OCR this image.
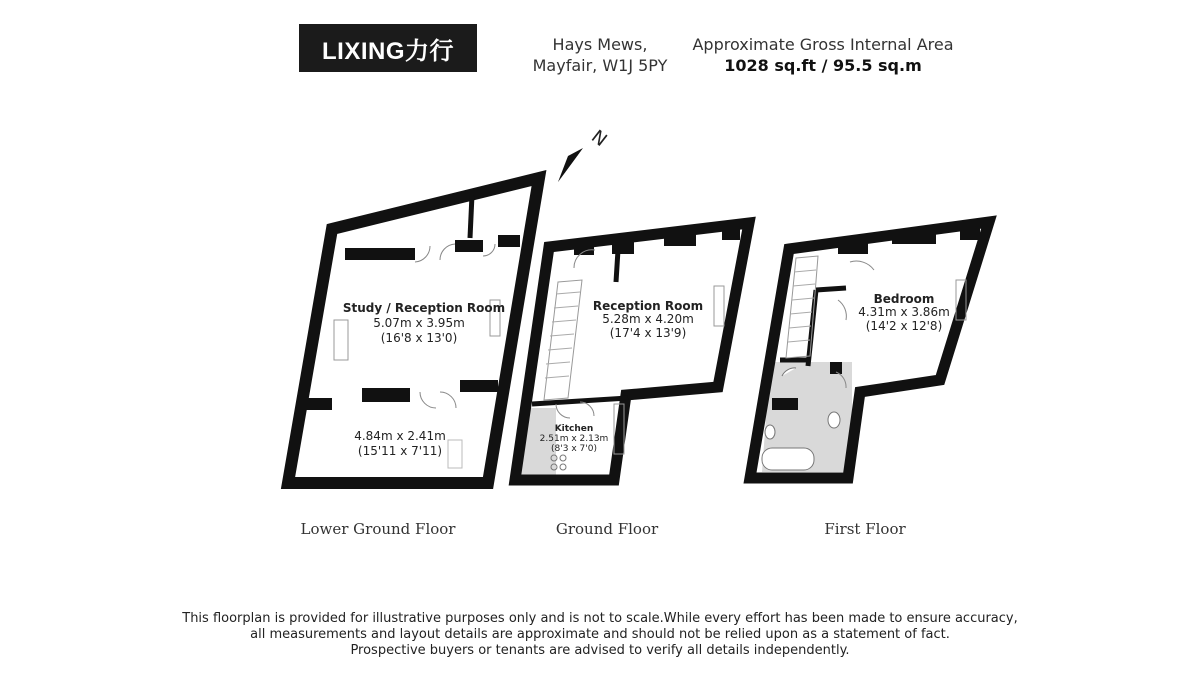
LIXING力行	Hays Mews,
Mayfair, W1J 5PY
Approximate Gross Internal Area
1028 sq.ft / 95.5 sq.m
N
Study / Reception Room
5.07m x 3.95m
(16'8 x 13'0)
4.84m x 2.41m
(15'11 x 7'11)
Reception Room
5.28m x 4.20m
(17'4 x 13'9)
Kitchen
2.51m x 2.13m
(8'3 x 7'0)
Bedroom
4.31m x 3.86m
(14'2 x 12'8)
Lower Ground Floor	Ground Floor	First Floor
This floorplan is provided for illustrative purposes only and is not to scale.While every effort has been made to ensure accuracy,
all measurements and layout details are approximate and should not be relied upon as a statement of fact.
Prospective buyers or tenants are advised to verify all details independently.
